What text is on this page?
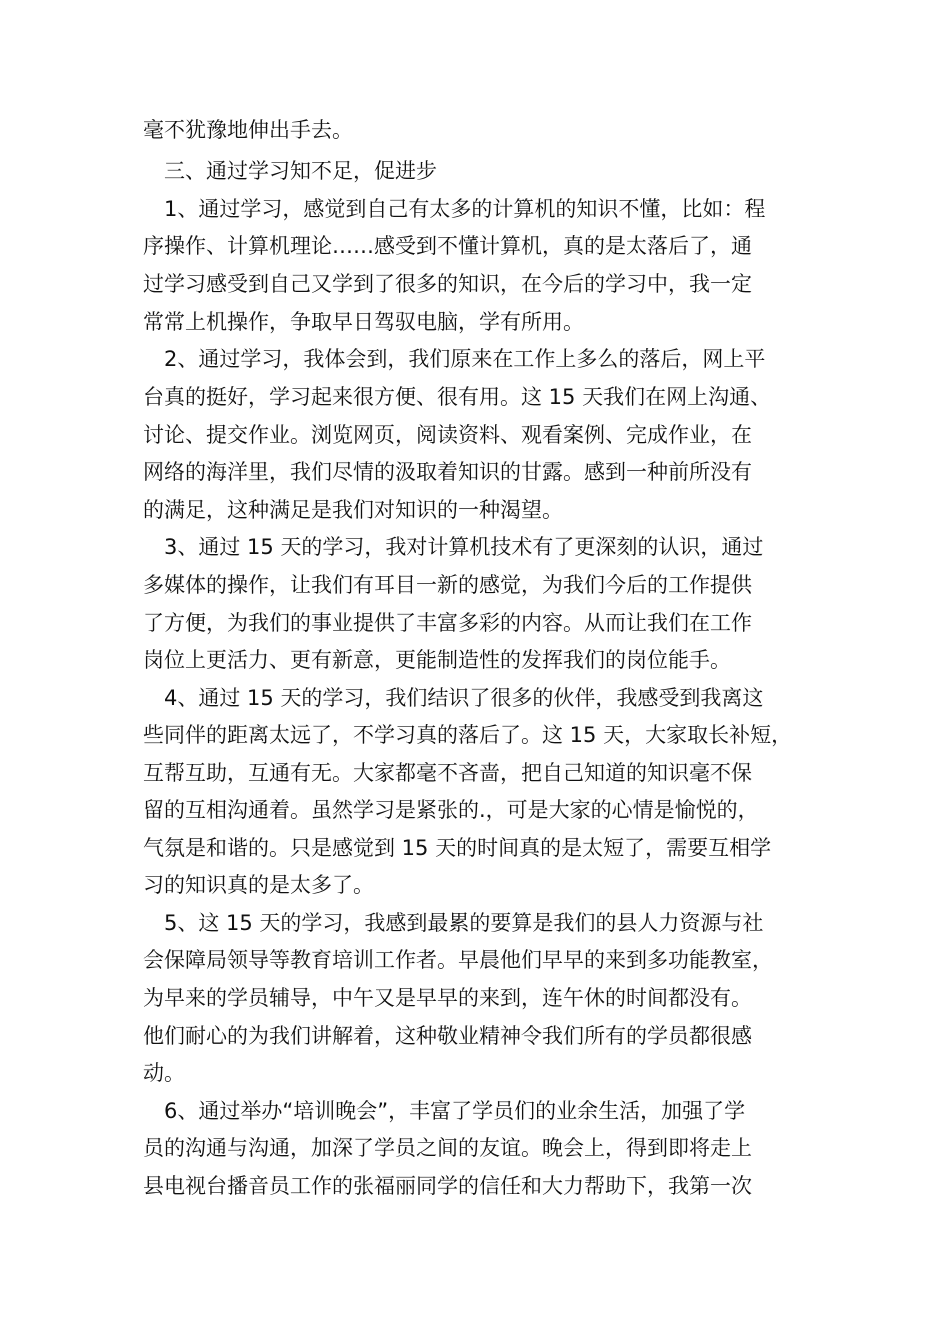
毫不犹豫地伸出手去。
三、通过学习知不足，促进步
1、通过学习，感觉到自己有太多的计算机的知识不懂，比如：程
序操作、计算机理论……感受到不懂计算机，真的是太落后了，通
过学习感受到自己又学到了很多的知识，在今后的学习中，我一定
常常上机操作，争取早日驾驭电脑，学有所用。
2、通过学习，我体会到，我们原来在工作上多么的落后，网上平
台真的挺好，学习起来很方便、很有用。这 15 天我们在网上沟通、
讨论、提交作业。浏览网页，阅读资料、观看案例、完成作业，在
网络的海洋里，我们尽情的汲取着知识的甘露。感到一种前所没有
的满足，这种满足是我们对知识的一种渴望。
3、通过 15 天的学习，我对计算机技术有了更深刻的认识，通过
多媒体的操作，让我们有耳目一新的感觉，为我们今后的工作提供
了方便，为我们的事业提供了丰富多彩的内容。从而让我们在工作
岗位上更活力、更有新意，更能制造性的发挥我们的岗位能手。
4、通过 15 天的学习，我们结识了很多的伙伴，我感受到我离这
些同伴的距离太远了，不学习真的落后了。这 15 天，大家取长补短，
互帮互助，互通有无。大家都毫不吝啬，把自己知道的知识毫不保
留的互相沟通着。虽然学习是紧张的.，可是大家的心情是愉悦的，
气氛是和谐的。只是感觉到 15 天的时间真的是太短了，需要互相学
习的知识真的是太多了。
5、这 15 天的学习，我感到最累的要算是我们的县人力资源与社
会保障局领导等教育培训工作者。早晨他们早早的来到多功能教室，
为早来的学员辅导，中午又是早早的来到，连午休的时间都没有。
他们耐心的为我们讲解着，这种敬业精神令我们所有的学员都很感
动。
6、通过举办“培训晚会”，丰富了学员们的业余生活，加强了学
员的沟通与沟通，加深了学员之间的友谊。晚会上，得到即将走上
县电视台播音员工作的张福丽同学的信任和大力帮助下，我第一次
